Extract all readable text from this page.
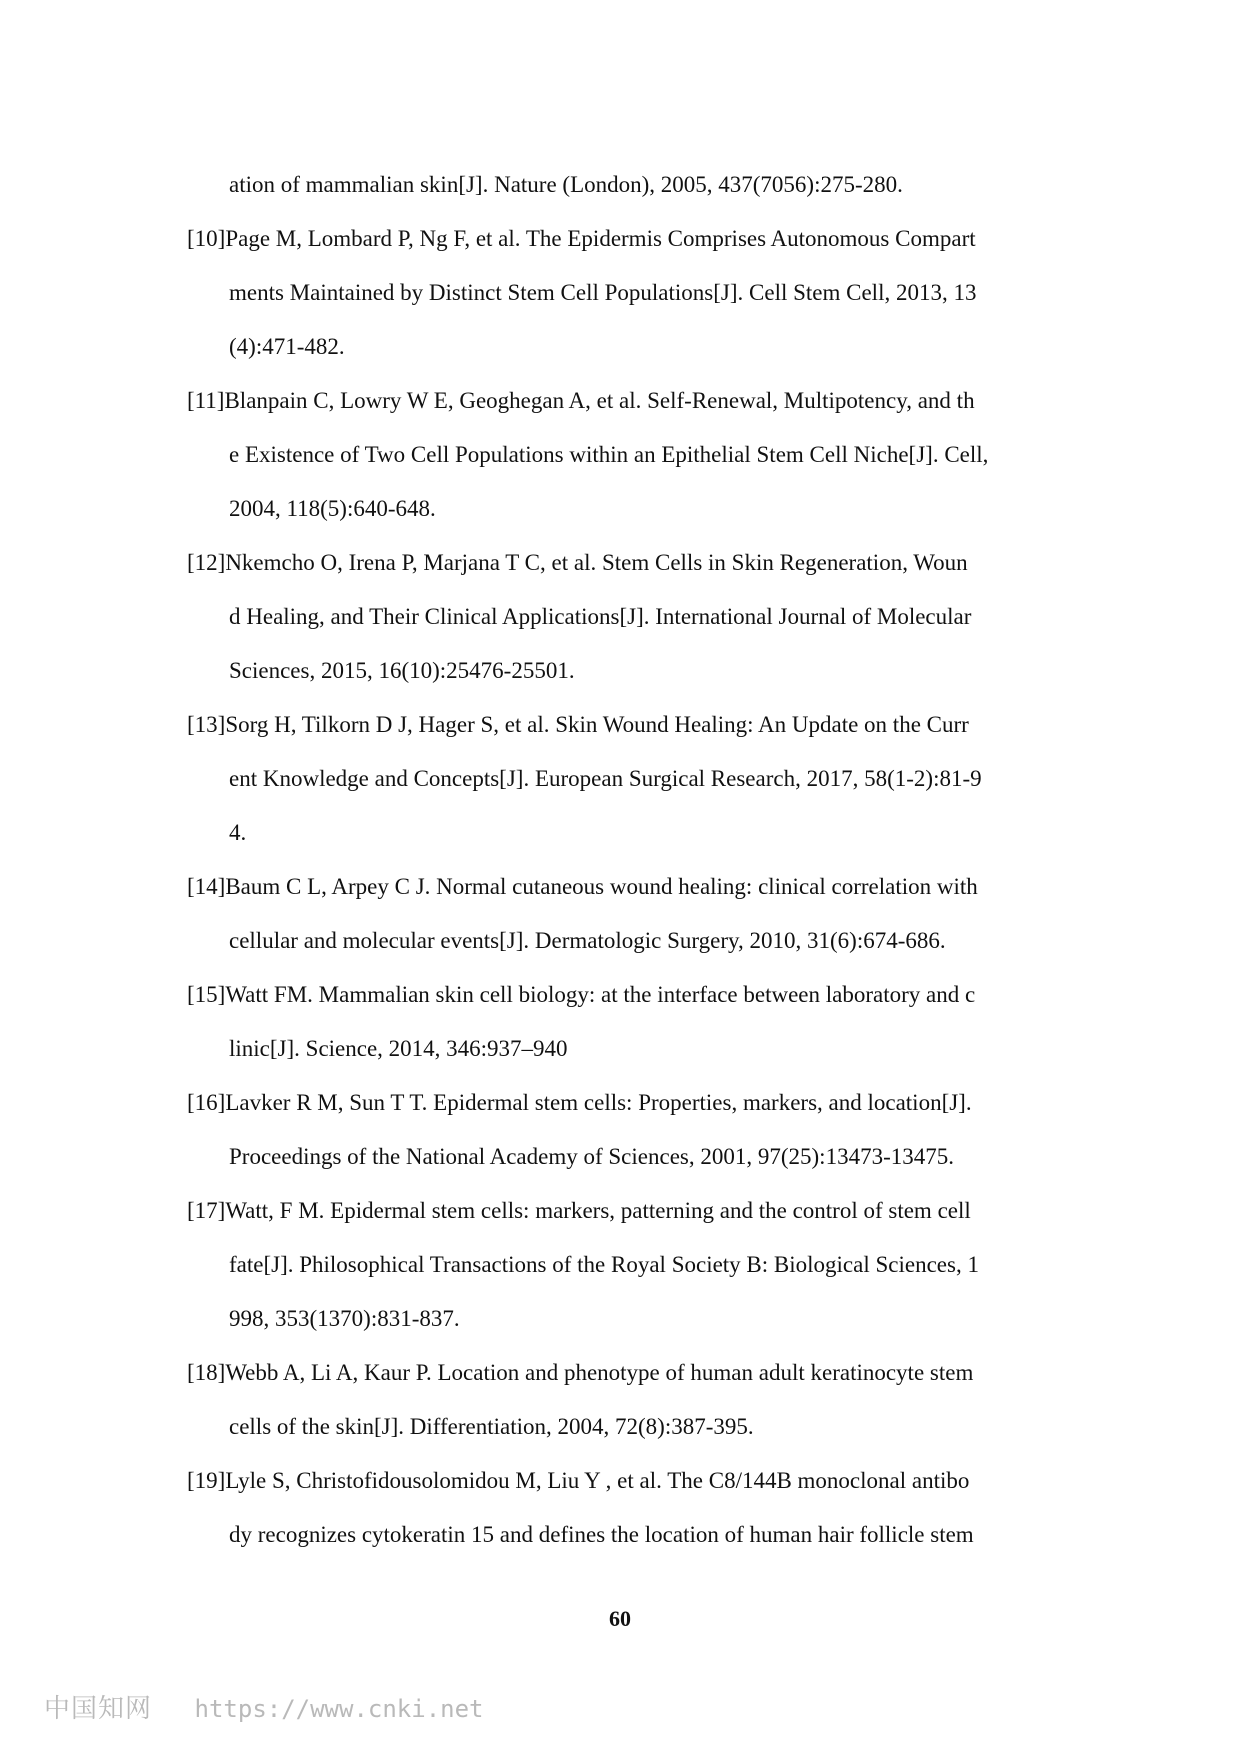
ation of mammalian skin[J]. Nature (London), 2005, 437(7056):275-280.
[10]Page M, Lombard P, Ng F, et al. The Epidermis Comprises Autonomous Compart
ments Maintained by Distinct Stem Cell Populations[J]. Cell Stem Cell, 2013, 13
(4):471-482.
[11]Blanpain C, Lowry W E, Geoghegan A, et al. Self-Renewal, Multipotency, and th
e Existence of Two Cell Populations within an Epithelial Stem Cell Niche[J]. Cell,
2004, 118(5):640-648.
[12]Nkemcho O, Irena P, Marjana T C, et al. Stem Cells in Skin Regeneration, Woun
d Healing, and Their Clinical Applications[J]. International Journal of Molecular
Sciences, 2015, 16(10):25476-25501.
[13]Sorg H, Tilkorn D J, Hager S, et al. Skin Wound Healing: An Update on the Curr
ent Knowledge and Concepts[J]. European Surgical Research, 2017, 58(1-2):81-9
4.
[14]Baum C L, Arpey C J. Normal cutaneous wound healing: clinical correlation with
cellular and molecular events[J]. Dermatologic Surgery, 2010, 31(6):674-686.
[15]Watt FM. Mammalian skin cell biology: at the interface between laboratory and c
linic[J]. Science, 2014, 346:937–940
[16]Lavker R M, Sun T T. Epidermal stem cells: Properties, markers, and location[J].
Proceedings of the National Academy of Sciences, 2001, 97(25):13473-13475.
[17]Watt, F M. Epidermal stem cells: markers, patterning and the control of stem cell
fate[J]. Philosophical Transactions of the Royal Society B: Biological Sciences, 1
998, 353(1370):831-837.
[18]Webb A, Li A, Kaur P. Location and phenotype of human adult keratinocyte stem
cells of the skin[J]. Differentiation, 2004, 72(8):387-395.
[19]Lyle S, Christofidousolomidou M, Liu Y , et al. The C8/144B monoclonal antibo
dy recognizes cytokeratin 15 and defines the location of human hair follicle stem
60
中国知网 https://www.cnki.net
